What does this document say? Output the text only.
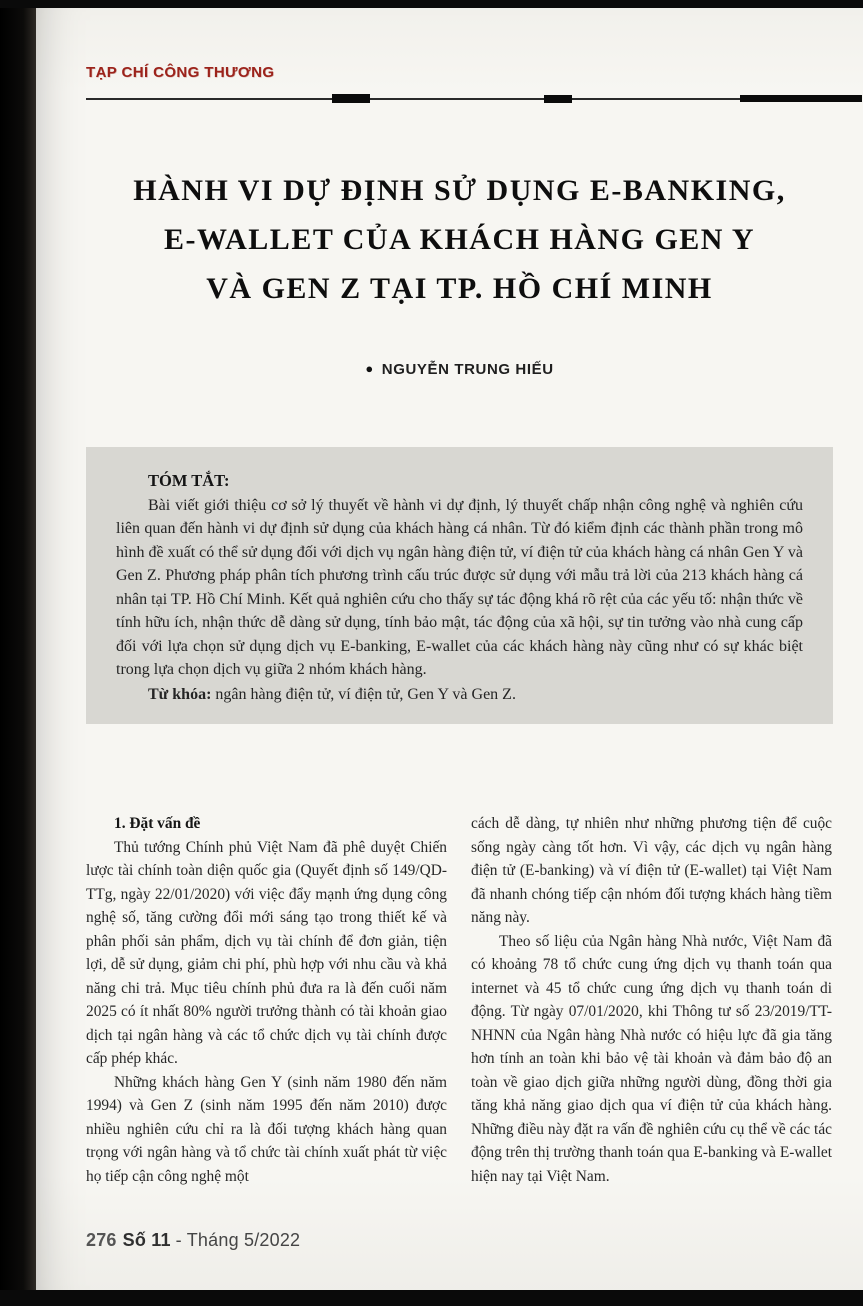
TẠP CHÍ CÔNG THƯƠNG
HÀNH VI DỰ ĐỊNH SỬ DỤNG E-BANKING,
E-WALLET CỦA KHÁCH HÀNG GEN Y
VÀ GEN Z TẠI TP. HỒ CHÍ MINH
● NGUYỄN TRUNG HIẾU
TÓM TẮT:

Bài viết giới thiệu cơ sở lý thuyết về hành vi dự định, lý thuyết chấp nhận công nghệ và nghiên cứu liên quan đến hành vi dự định sử dụng của khách hàng cá nhân. Từ đó kiểm định các thành phần trong mô hình đề xuất có thể sử dụng đối với dịch vụ ngân hàng điện tử, ví điện tử của khách hàng cá nhân Gen Y và Gen Z. Phương pháp phân tích phương trình cấu trúc được sử dụng với mẫu trả lời của 213 khách hàng cá nhân tại TP. Hồ Chí Minh. Kết quả nghiên cứu cho thấy sự tác động khá rõ rệt của các yếu tố: nhận thức về tính hữu ích, nhận thức dễ dàng sử dụng, tính bảo mật, tác động của xã hội, sự tin tưởng vào nhà cung cấp đối với lựa chọn sử dụng dịch vụ E-banking, E-wallet của các khách hàng này cũng như có sự khác biệt trong lựa chọn dịch vụ giữa 2 nhóm khách hàng.

Từ khóa: ngân hàng điện tử, ví điện tử, Gen Y và Gen Z.

1. Đặt vấn đề

Thủ tướng Chính phủ Việt Nam đã phê duyệt Chiến lược tài chính toàn diện quốc gia (Quyết định số 149/QD-TTg, ngày 22/01/2020) với việc đẩy mạnh ứng dụng công nghệ số, tăng cường đổi mới sáng tạo trong thiết kế và phân phối sản phẩm, dịch vụ tài chính để đơn giản, tiện lợi, dễ sử dụng, giảm chi phí, phù hợp với nhu cầu và khả năng chi trả. Mục tiêu chính phủ đưa ra là đến cuối năm 2025 có ít nhất 80% người trưởng thành có tài khoản giao dịch tại ngân hàng và các tổ chức dịch vụ tài chính được cấp phép khác.

Những khách hàng Gen Y (sinh năm 1980 đến năm 1994) và Gen Z (sinh năm 1995 đến năm 2010) được nhiều nghiên cứu chỉ ra là đối tượng khách hàng quan trọng với ngân hàng và tổ chức tài chính xuất phát từ việc họ tiếp cận công nghệ một

cách dễ dàng, tự nhiên như những phương tiện để cuộc sống ngày càng tốt hơn. Vì vậy, các dịch vụ ngân hàng điện tử (E-banking) và ví điện tử (E-wallet) tại Việt Nam đã nhanh chóng tiếp cận nhóm đối tượng khách hàng tiềm năng này.

Theo số liệu của Ngân hàng Nhà nước, Việt Nam đã có khoảng 78 tổ chức cung ứng dịch vụ thanh toán qua internet và 45 tổ chức cung ứng dịch vụ thanh toán di động. Từ ngày 07/01/2020, khi Thông tư số 23/2019/TT-NHNN của Ngân hàng Nhà nước có hiệu lực đã gia tăng hơn tính an toàn khi bảo vệ tài khoản và đảm bảo độ an toàn về giao dịch giữa những người dùng, đồng thời gia tăng khả năng giao dịch qua ví điện tử của khách hàng. Những điều này đặt ra vấn đề nghiên cứu cụ thể về các tác động trên thị trường thanh toán qua E-banking và E-wallet hiện nay tại Việt Nam.

276 Số 11 - Tháng 5/2022
